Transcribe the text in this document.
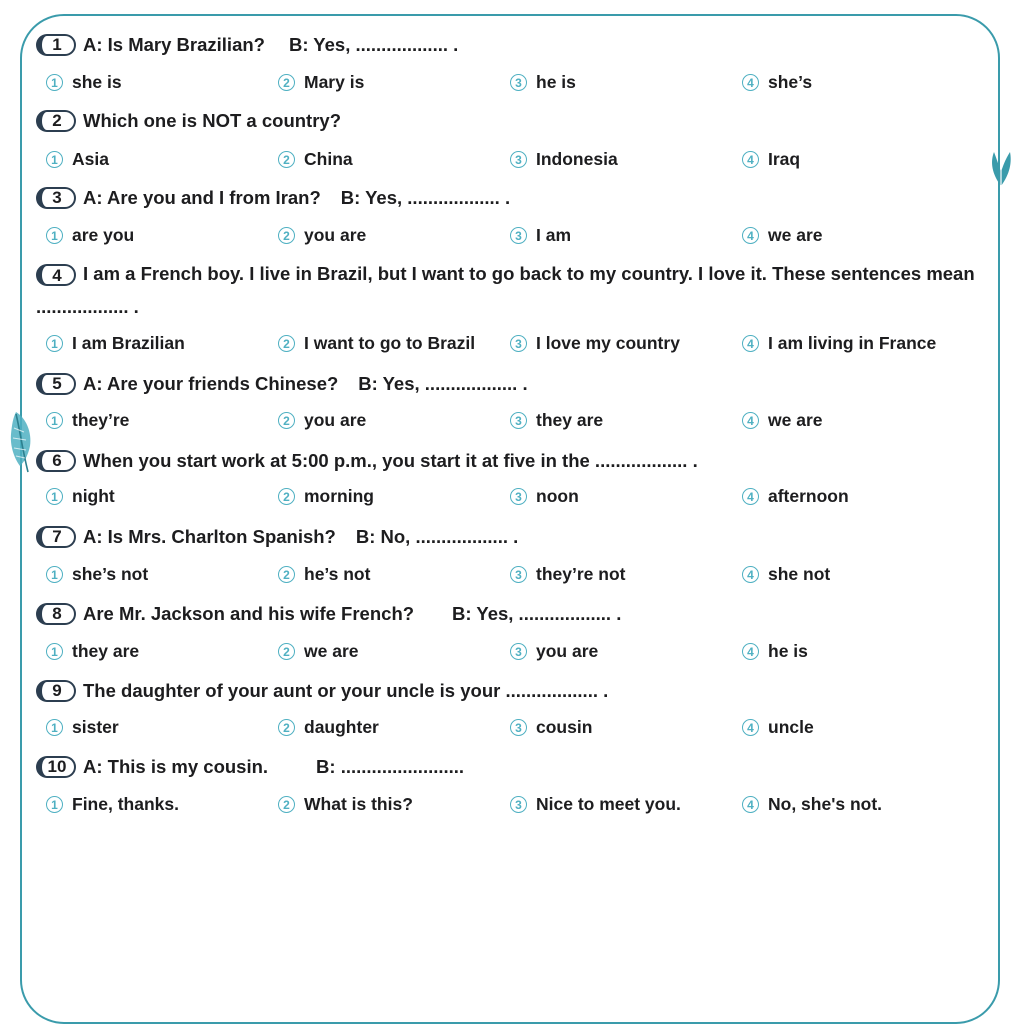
1	A: Is Mary Brazilian? B: Yes, .................. .
1 she is	2 Mary is	3 he is	4 she’s
2	Which one is NOT a country?
1 Asia	2 China	3 Indonesia	4 Iraq
3	A: Are you and I from Iran? B: Yes, .................. .
1 are you	2 you are	3 I am	4 we are
4 I am a French boy. I live in Brazil, but I want to go back to my country. I love it. These sentences mean .................. .
1 I am Brazilian	2 I want to go to Brazil	3 I love my country	4 I am living in France
5	A: Are your friends Chinese? B: Yes, .................. .
1 they’re	2 you are	3 they are	4 we are
6	When you start work at 5:00 p.m., you start it at five in the .................. .
1 night	2 morning	3 noon	4 afternoon
7	A: Is Mrs. Charlton Spanish? B: No, .................. .
1 she’s not	2 he’s not	3 they’re not	4 she not
8	Are Mr. Jackson and his wife French? B: Yes, .................. .
1 they are	2 we are	3 you are	4 he is
9	The daughter of your aunt or your uncle is your .................. .
1 sister	2 daughter	3 cousin	4 uncle
10 A: This is my cousin.	B: ........................
1 Fine, thanks.	2 What is this?	3 Nice to meet you.	4 No, she's not.
